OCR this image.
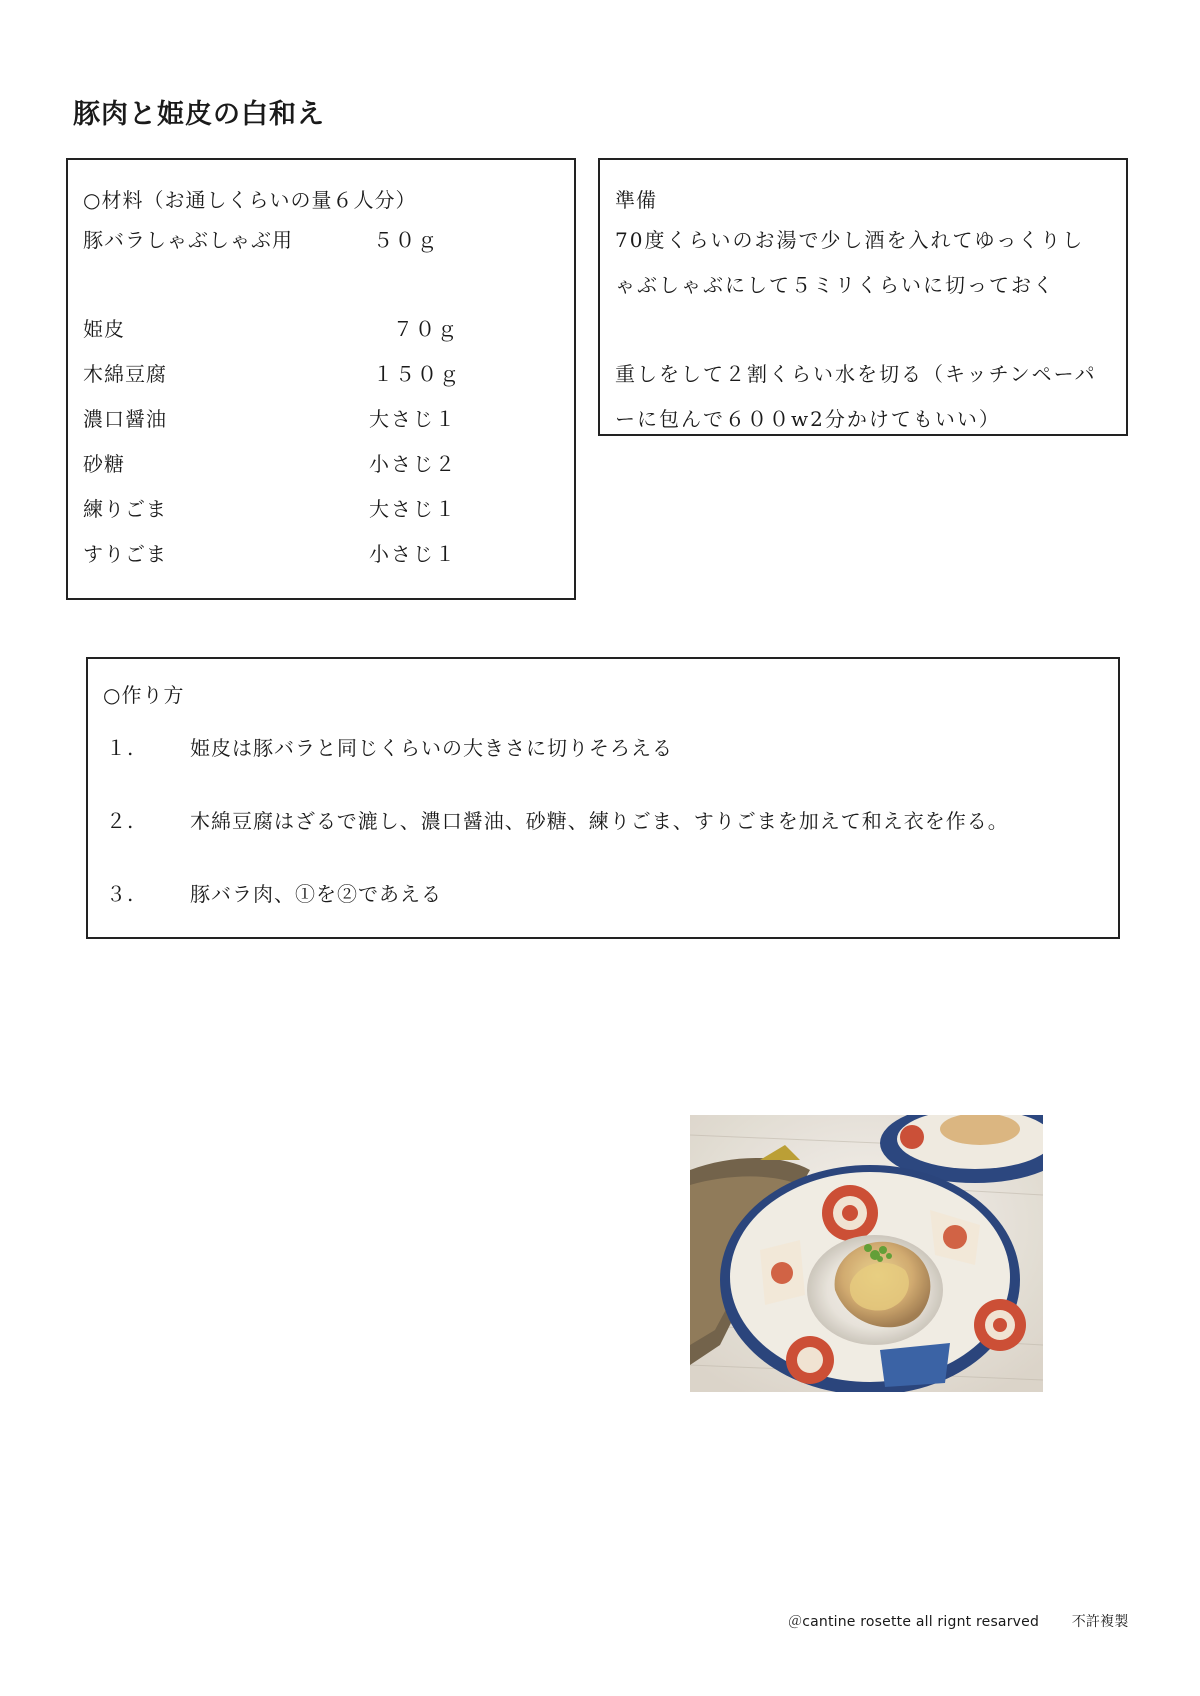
豚肉と姫皮の白和え
○材料（お通しくらいの量６人分）
豚バラしゃぶしゃぶ用	５０ｇ
姫皮	７０ｇ
木綿豆腐	１５０ｇ
濃口醤油	大さじ１
砂糖	小さじ２
練りごま	大さじ１
すりごま	小さじ１
準備
70度くらいのお湯で少し酒を入れてゆっくりし
ゃぶしゃぶにして５ミリくらいに切っておく
重しをして２割くらい水を切る（キッチンペーパ
ーに包んで６００w2分かけてもいい）
○作り方
１.	姫皮は豚バラと同じくらいの大きさに切りそろえる
２.	木綿豆腐はざるで漉し、濃口醤油、砂糖、練りごま、すりごまを加えて和え衣を作る。
３.	豚バラ肉、①を②であえる
＠cantine rosette all rignt resarved 不許複製
